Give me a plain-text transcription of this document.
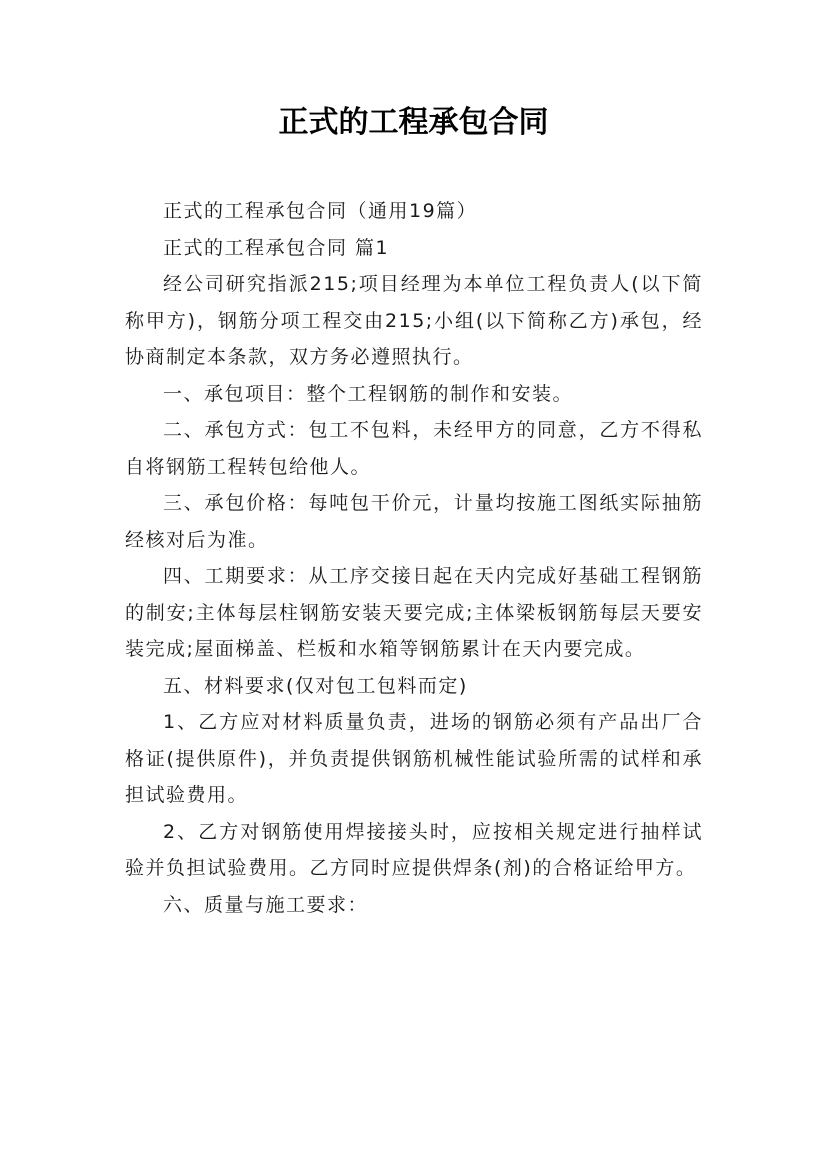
正式的工程承包合同

正式的工程承包合同（通用19篇）

正式的工程承包合同 篇1

经公司研究指派215;项目经理为本单位工程负责人(以下简称甲方)，钢筋分项工程交由215;小组(以下简称乙方)承包，经协商制定本条款，双方务必遵照执行。

一、承包项目：整个工程钢筋的制作和安装。

二、承包方式：包工不包料，未经甲方的同意，乙方不得私自将钢筋工程转包给他人。

三、承包价格：每吨包干价元，计量均按施工图纸实际抽筋经核对后为准。

四、工期要求：从工序交接日起在天内完成好基础工程钢筋的制安;主体每层柱钢筋安装天要完成;主体梁板钢筋每层天要安装完成;屋面梯盖、栏板和水箱等钢筋累计在天内要完成。

五、材料要求(仅对包工包料而定)

1、乙方应对材料质量负责，进场的钢筋必须有产品出厂合格证(提供原件)，并负责提供钢筋机械性能试验所需的试样和承担试验费用。

2、乙方对钢筋使用焊接接头时，应按相关规定进行抽样试验并负担试验费用。乙方同时应提供焊条(剂)的合格证给甲方。

六、质量与施工要求：
